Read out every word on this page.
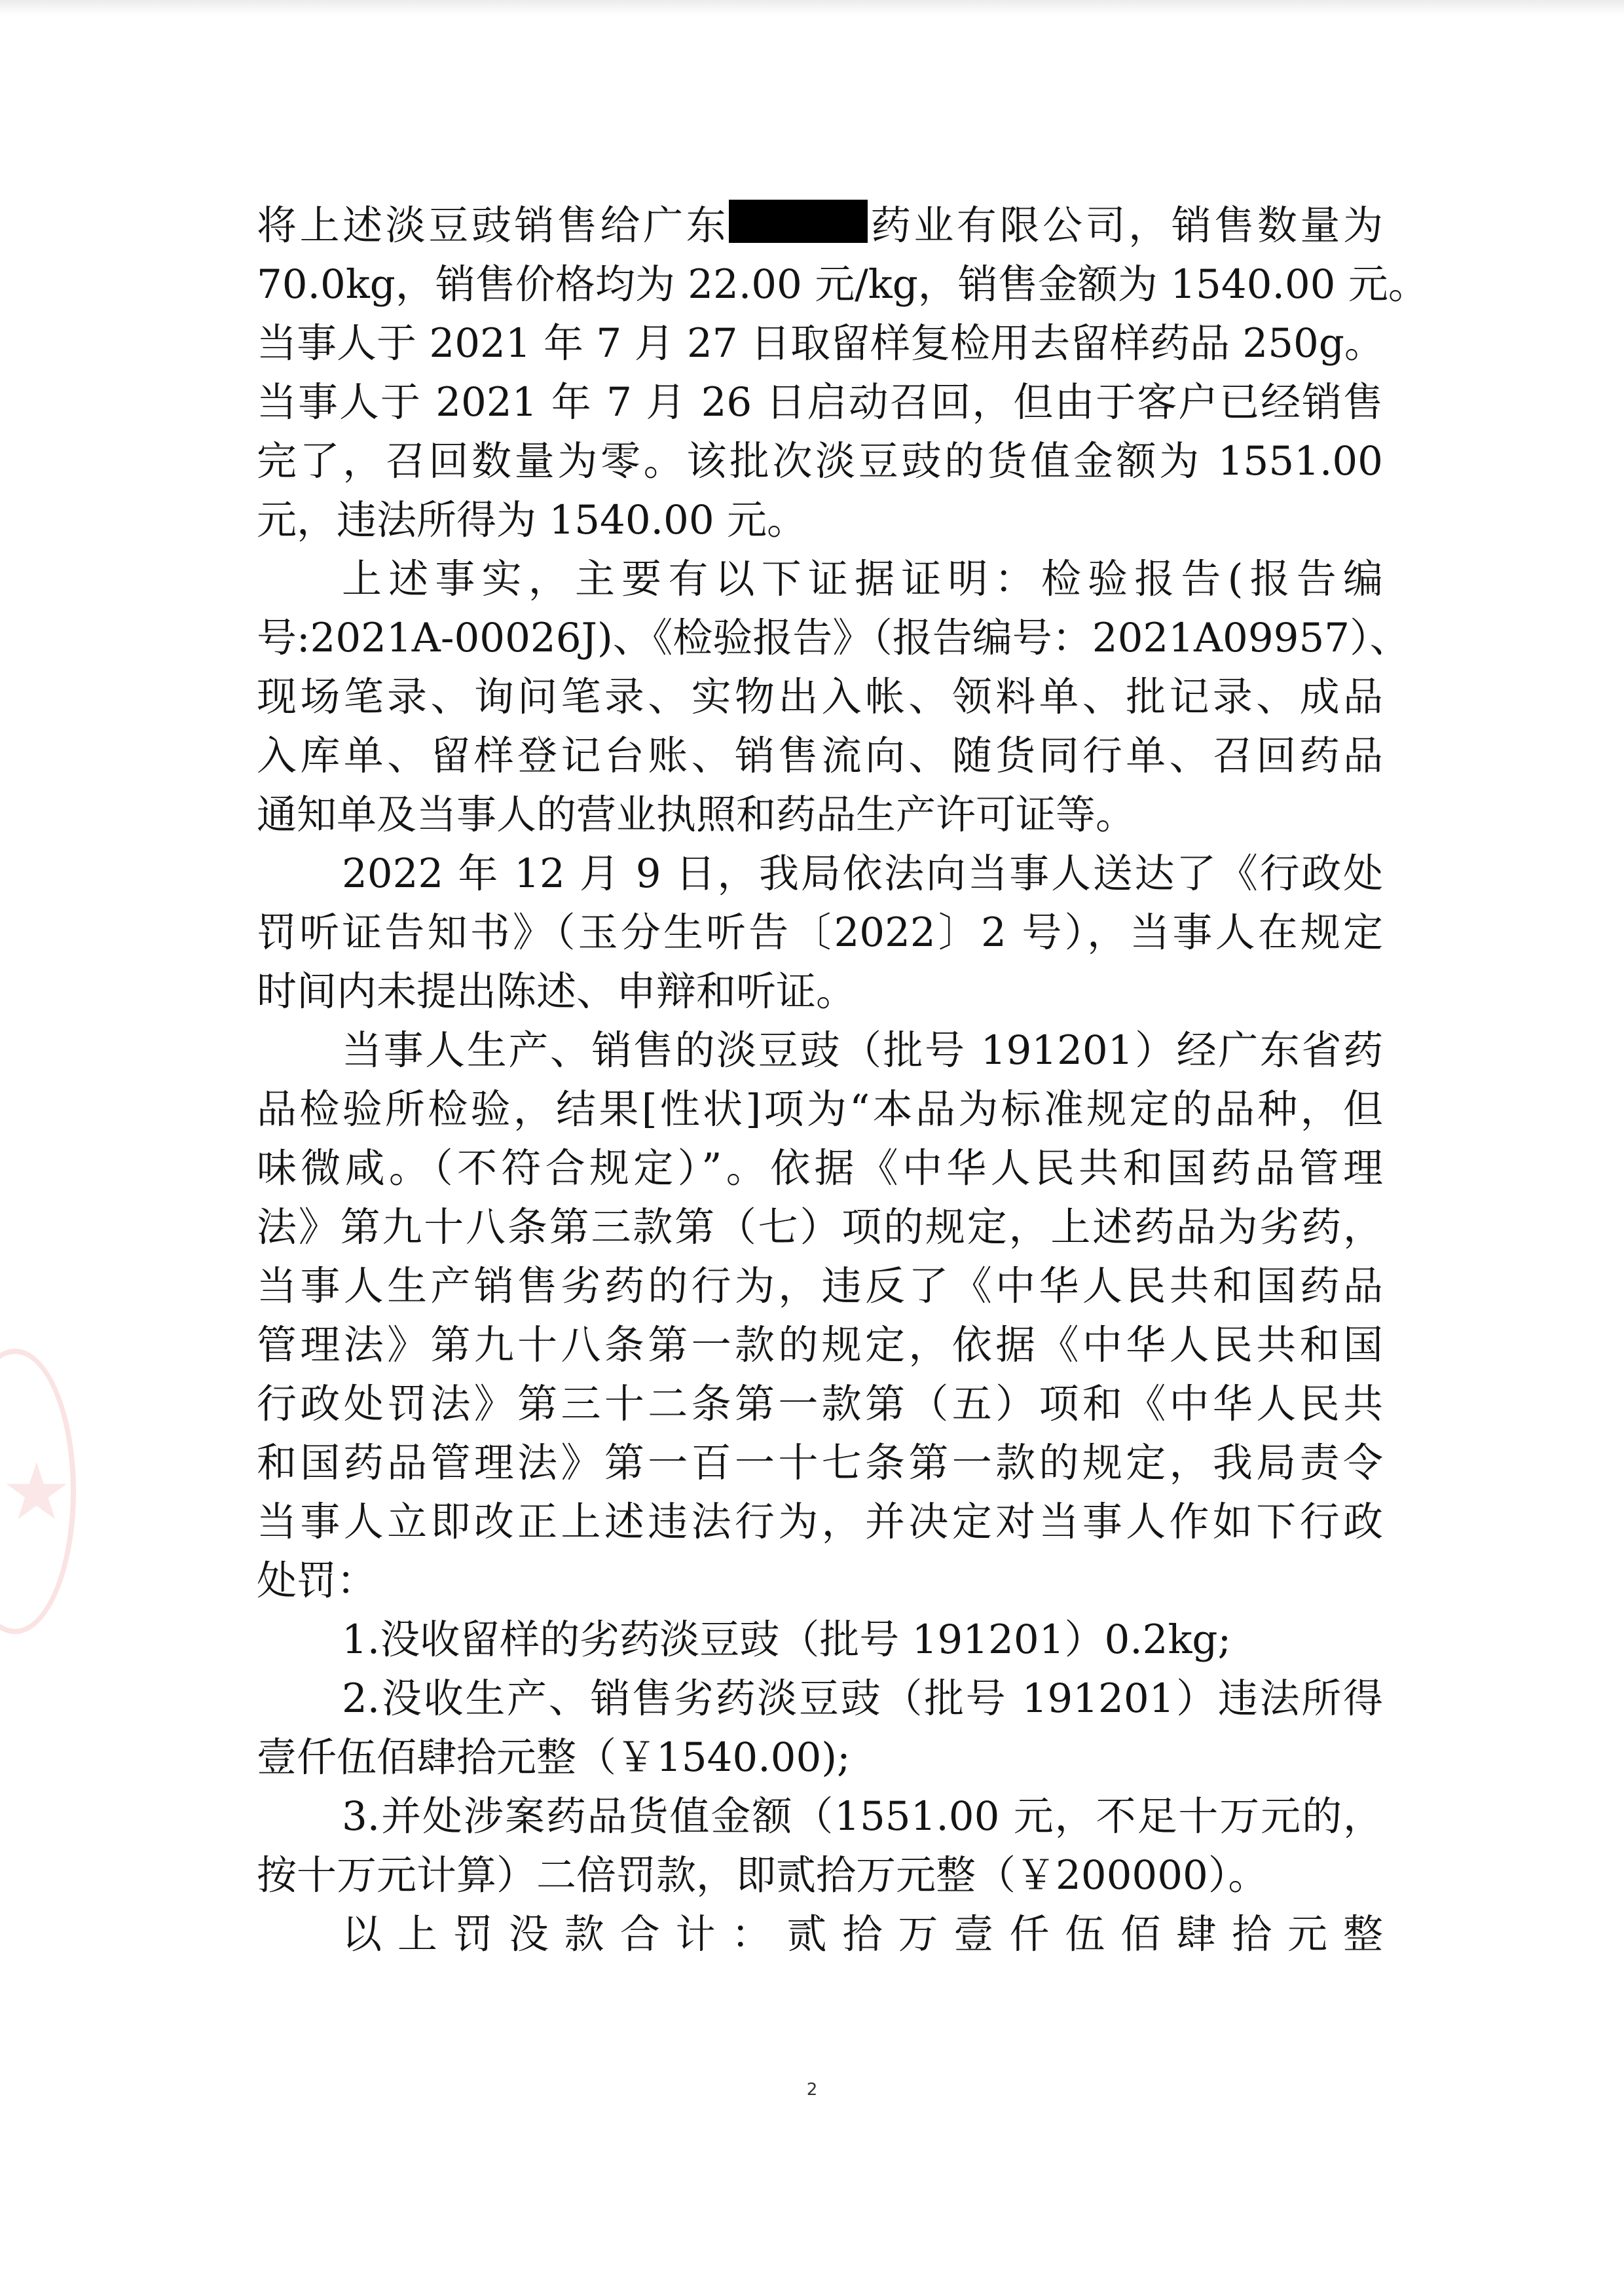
★
将上述淡豆豉销售给广东	药业有限公司，销售数量为
70.0kg，销售价格均为 22.00 元/kg，销售金额为 1540.00 元。
当事人于 2021 年 7 月 27 日取留样复检用去留样药品 250g。
当事人于 2021 年 7 月 26 日启动召回，但由于客户已经销售
完了，召回数量为零。该批次淡豆豉的货值金额为 1551.00
元，违法所得为 1540.00 元。
上述事实，主要有以下证据证明：检验报告(报告编
号:2021A-00026J)、《检验报告》（报告编号：2021A09957）、
现场笔录、询问笔录、实物出入帐、领料单、批记录、成品
入库单、留样登记台账、销售流向、随货同行单、召回药品
通知单及当事人的营业执照和药品生产许可证等。
2022 年 12 月 9 日，我局依法向当事人送达了《行政处
罚听证告知书》（玉分生听告〔2022〕2 号），当事人在规定
时间内未提出陈述、申辩和听证。
当事人生产、销售的淡豆豉（批号 191201）经广东省药
品检验所检验，结果[性状]项为“本品为标准规定的品种，但
味微咸。（不符合规定）”。依据《中华人民共和国药品管理
法》第九十八条第三款第（七）项的规定，上述药品为劣药，
当事人生产销售劣药的行为，违反了《中华人民共和国药品
管理法》第九十八条第一款的规定，依据《中华人民共和国
行政处罚法》第三十二条第一款第（五）项和《中华人民共
和国药品管理法》第一百一十七条第一款的规定，我局责令
当事人立即改正上述违法行为，并决定对当事人作如下行政
处罚：
1.没收留样的劣药淡豆豉（批号 191201）0.2kg;
2.没收生产、销售劣药淡豆豉（批号 191201）违法所得
壹仟伍佰肆拾元整（￥1540.00);
3.并处涉案药品货值金额（1551.00 元，不足十万元的，
按十万元计算）二倍罚款，即贰拾万元整（￥200000）。
以上罚没款合计：贰拾万壹仟伍佰肆拾元整
2
